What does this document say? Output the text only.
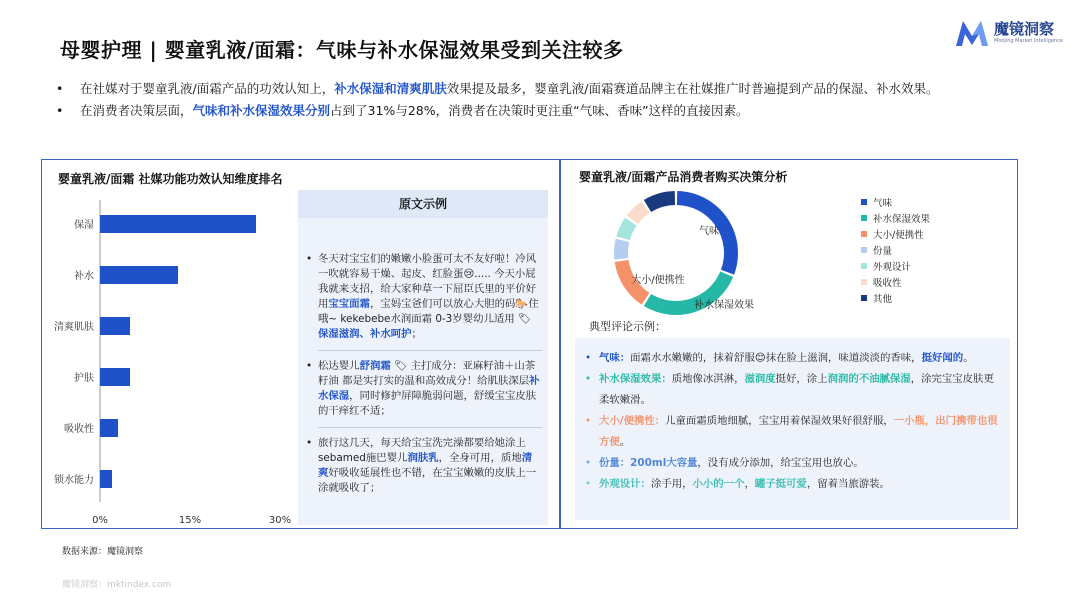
母婴护理 | 婴童乳液/面霜：气味与补水保湿效果受到关注较多
魔镜洞察
Moojing Market Intelligence
• 在社媒对于婴童乳液/面霜产品的功效认知上，补水保湿和清爽肌肤效果提及最多，婴童乳液/面霜赛道品牌主在社媒推广时普遍提到产品的保湿、补水效果。
• 在消费者决策层面，气味和补水保湿效果分别占到了31%与28%，消费者在决策时更注重“气味、香味”这样的直接因素。
婴童乳液/面霜 社媒功能功效认知维度排名
保湿
补水
清爽肌肤
护肤
吸收性
锁水能力
0%	15%	30%
原文示例
• 冬天对宝宝们的嫩嫩小脸蛋可太不友好啦！冷风一吹就容易干燥、起皮、红脸蛋😢..... 今天小屁我就来支招，给大家种草一下屈臣氏里的平价好用宝宝面霜，宝妈宝爸们可以放心大胆的码🐎住哦~ kekebebe水润面霜 0-3岁婴幼儿适用 🏷 保湿滋润、补水呵护；
• 松达婴儿舒润霜 🏷 主打成分：亚麻籽油＋山茶籽油 都是实打实的温和高效成分！给肌肤深层补水保湿，同时修护屏障脆弱问题，舒缓宝宝皮肤的干痒红不适；
• 旅行这几天，每天给宝宝洗完澡都要给她涂上sebamed施巴婴儿润肤乳，全身可用，质地清爽好吸收延展性也不错，在宝宝嫩嫩的皮肤上一涂就吸收了；
婴童乳液/面霜产品消费者购买决策分析
气味
大小/便携性
补水保湿效果
气味
补水保湿效果
大小/便携性
份量
外观设计
吸收性
其他
典型评论示例：
• 气味：面霜水水嫩嫩的，抹着舒服😊抹在脸上滋润，味道淡淡的香味，挺好闻的。
• 补水保湿效果：质地像冰淇淋，滋润度挺好，涂上润润的不油腻保湿，涂完宝宝皮肤更柔软嫩滑。
• 大小/便携性：儿童面霜质地细腻，宝宝用着保湿效果好很舒服，一小瓶，出门携带也很方便。
• 份量：200ml大容量，没有成分添加，给宝宝用也放心。
• 外观设计：涂手用，小小的一个，罐子挺可爱，留着当旅游装。
数据来源：魔镜洞察
魔镜洞察：mktindex.com
